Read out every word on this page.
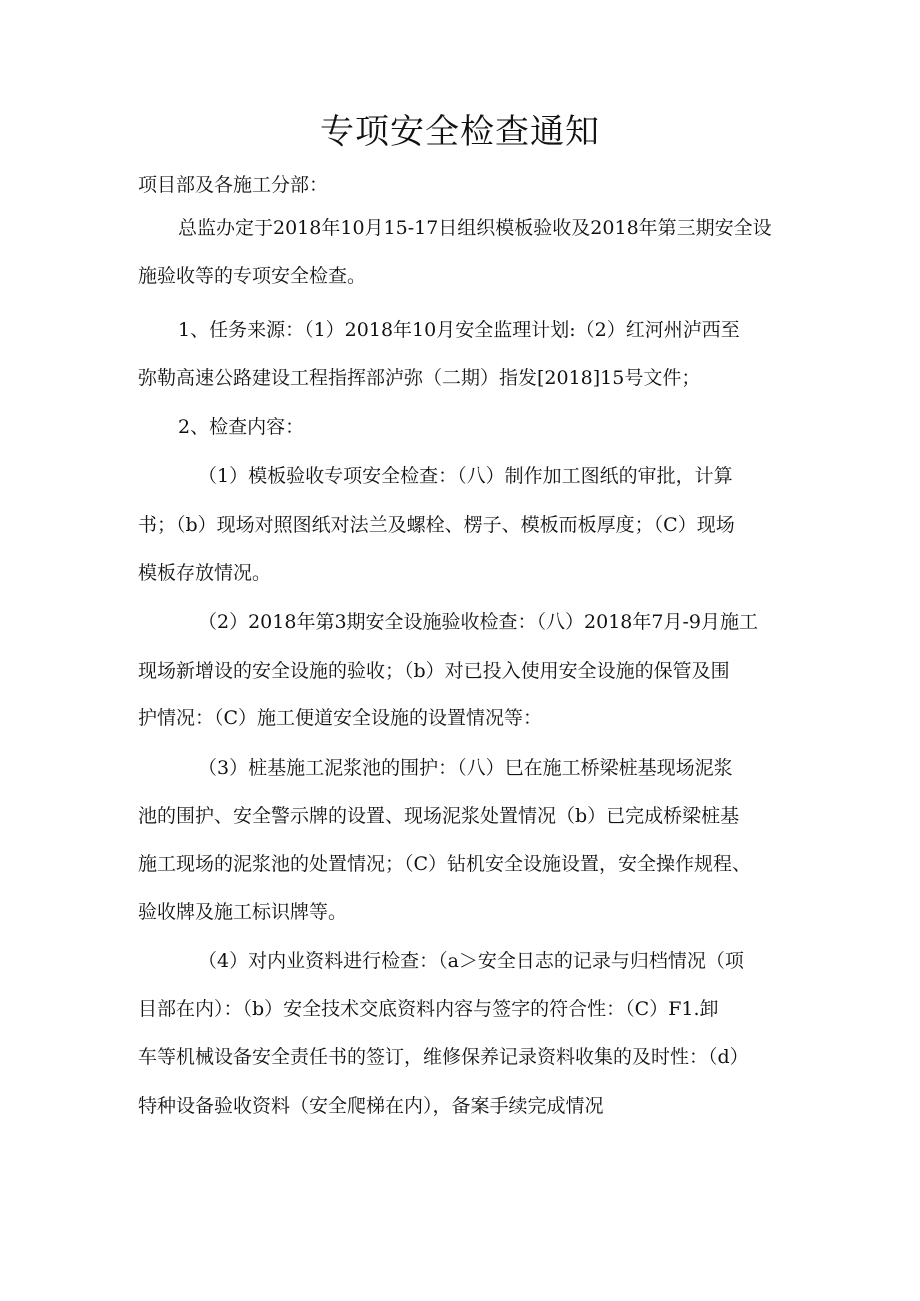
专项安全检查通知

项目部及各施工分部：

总监办定于2018年10月15-17日组织模板验收及2018年第三期安全设

施验收等的专项安全检查。

1、任务来源：（1）2018年10月安全监理计划:（2）红河州泸西至

弥勒高速公路建设工程指挥部泸弥（二期）指发[2018]15号文件；

2、检查内容：

（1）模板验收专项安全检查：（八）制作加工图纸的审批，计算

书；（b）现场对照图纸对法兰及螺栓、楞子、模板而板厚度；（C）现场

模板存放情况。

（2）2018年第3期安全设施验收检查：（八）2018年7月-9月施工

现场新增设的安全设施的验收；（b）对已投入使用安全设施的保管及围

护情况：（C）施工便道安全设施的设置情况等：

（3）桩基施工泥浆池的围护：（八）巳在施工桥梁桩基现场泥浆

池的围护、安全警示牌的设置、现场泥浆处置情况（b）已完成桥梁桩基

施工现场的泥浆池的处置情况；（C）钻机安全设施设置，安全操作规程、

验收牌及施工标识牌等。

（4）对内业资料进行检查：（a＞安全日志的记录与归档情况（项

目部在内）：（b）安全技术交底资料内容与签字的符合性：（C）F1.卸

车等机械设备安全责任书的签订，维修保养记录资料收集的及时性：（d）

特种设备验收资料（安全爬梯在内），备案手续完成情况
